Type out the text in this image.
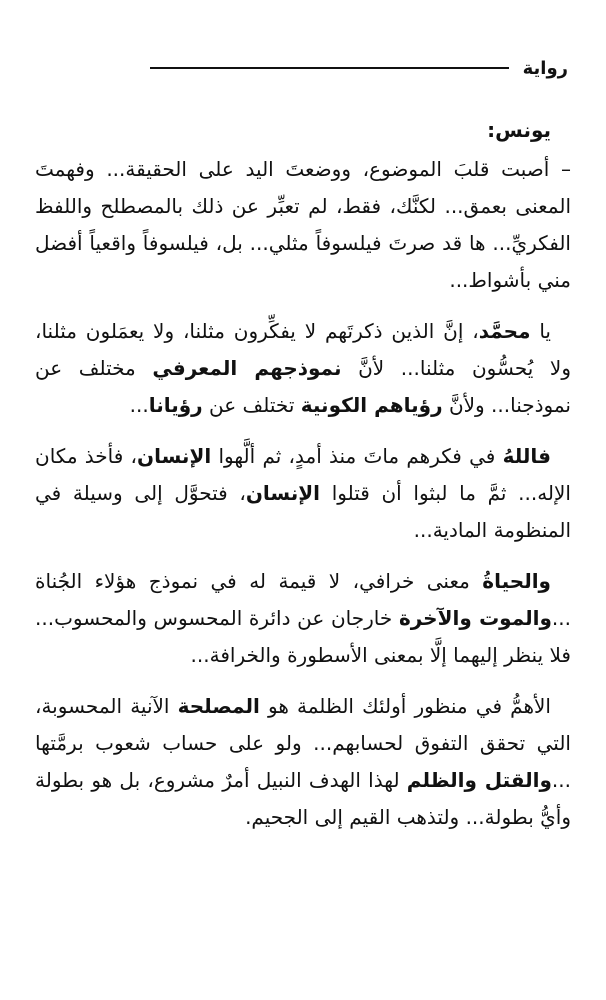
رواية
يونس:

– أصبت قلبَ الموضوع، ووضعتَ اليد على الحقيقة... وفهمتَ المعنى بعمق... لكنَّك، فقط، لم تعبِّر عن ذلك بالمصطلح واللفظ الفكريِّ... ها قد صرتَ فيلسوفاً مثلي... بل، فيلسوفاً واقعياً أفضل مني بأشواط...

يا محمَّد، إنَّ الذين ذكرتَهم لا يفكِّرون مثلنا، ولا يعمَلون مثلنا، ولا يُحسُّون مثلنا... لأنَّ نموذجهم المعرفي مختلف عن نموذجنا... ولأنَّ رؤياهم الكونية تختلف عن رؤيانا...

فاللهُ في فكرهم ماتَ منذ أمدٍ، ثم ألَّهوا الإنسان، فأخذ مكان الإله... ثمَّ ما لبثوا أن قتلوا الإنسان، فتحوَّل إلى وسيلة في المنظومة المادية...

والحياةُ معنى خرافي، لا قيمة له في نموذج هؤلاء الجُناة ...والموت والآخرة خارجان عن دائرة المحسوس والمحسوب... فلا ينظر إليهما إلَّا بمعنى الأسطورة والخرافة...

الأهمُّ في منظور أولئك الظلمة هو المصلحة الآنية المحسوبة، التي تحقق التفوق لحسابهم... ولو على حساب شعوب برمَّتها ...والقتل والظلم لهذا الهدف النبيل أمرٌ مشروع، بل هو بطولة وأيُّ بطولة... ولتذهب القيم إلى الجحيم.
